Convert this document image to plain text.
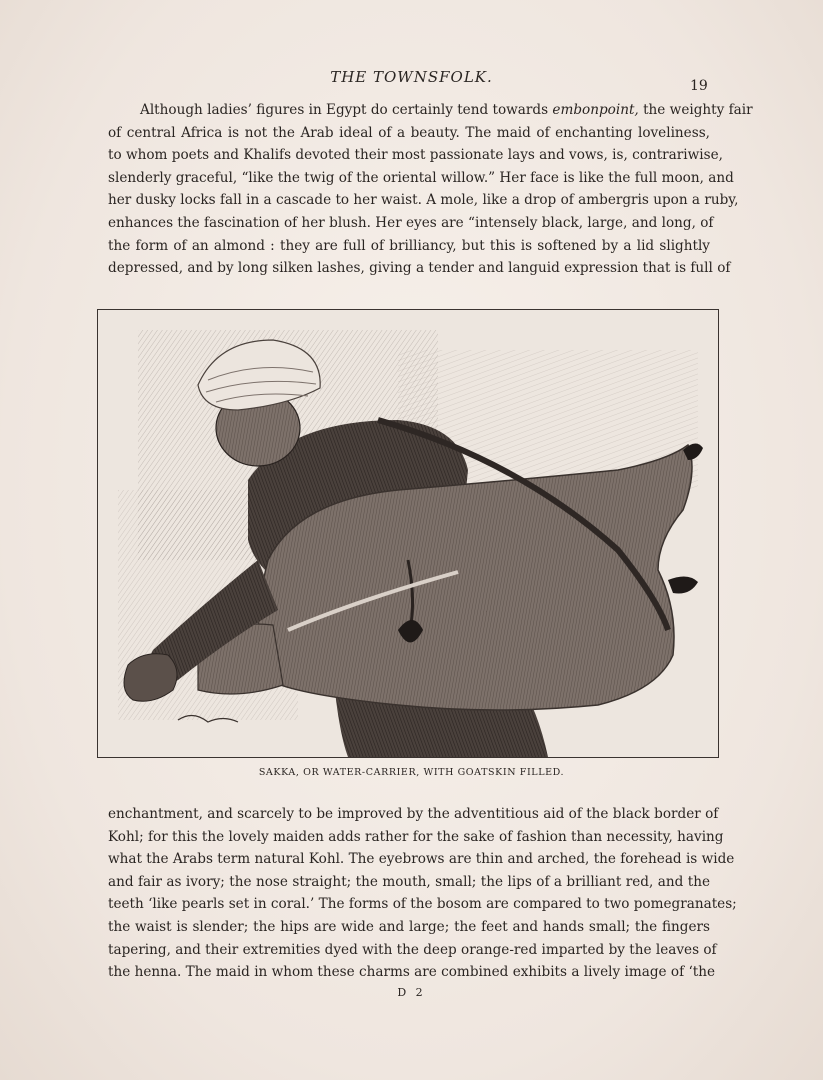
THE TOWNSFOLK.	19
Although ladies’ figures in Egypt do certainly tend towards embonpoint, the weighty fair
of central Africa is not the Arab ideal of a beauty. The maid of enchanting loveliness,
to whom poets and Khalifs devoted their most passionate lays and vows, is, contrariwise,
slenderly graceful, “like the twig of the oriental willow.” Her face is like the full moon, and
her dusky locks fall in a cascade to her waist. A mole, like a drop of ambergris upon a ruby,
enhances the fascination of her blush. Her eyes are “intensely black, large, and long, of
the form of an almond : they are full of brilliancy, but this is softened by a lid slightly
depressed, and by long silken lashes, giving a tender and languid expression that is full of
SAKKA, OR WATER-CARRIER, WITH GOATSKIN FILLED.
enchantment, and scarcely to be improved by the adventitious aid of the black border of
Kohl; for this the lovely maiden adds rather for the sake of fashion than necessity, having
what the Arabs term natural Kohl. The eyebrows are thin and arched, the forehead is wide
and fair as ivory; the nose straight; the mouth, small; the lips of a brilliant red, and the
teeth ‘like pearls set in coral.’ The forms of the bosom are compared to two pomegranates;
the waist is slender; the hips are wide and large; the feet and hands small; the fingers
tapering, and their extremities dyed with the deep orange-red imparted by the leaves of
the henna. The maid in whom these charms are combined exhibits a lively image of ‘the
D 2
